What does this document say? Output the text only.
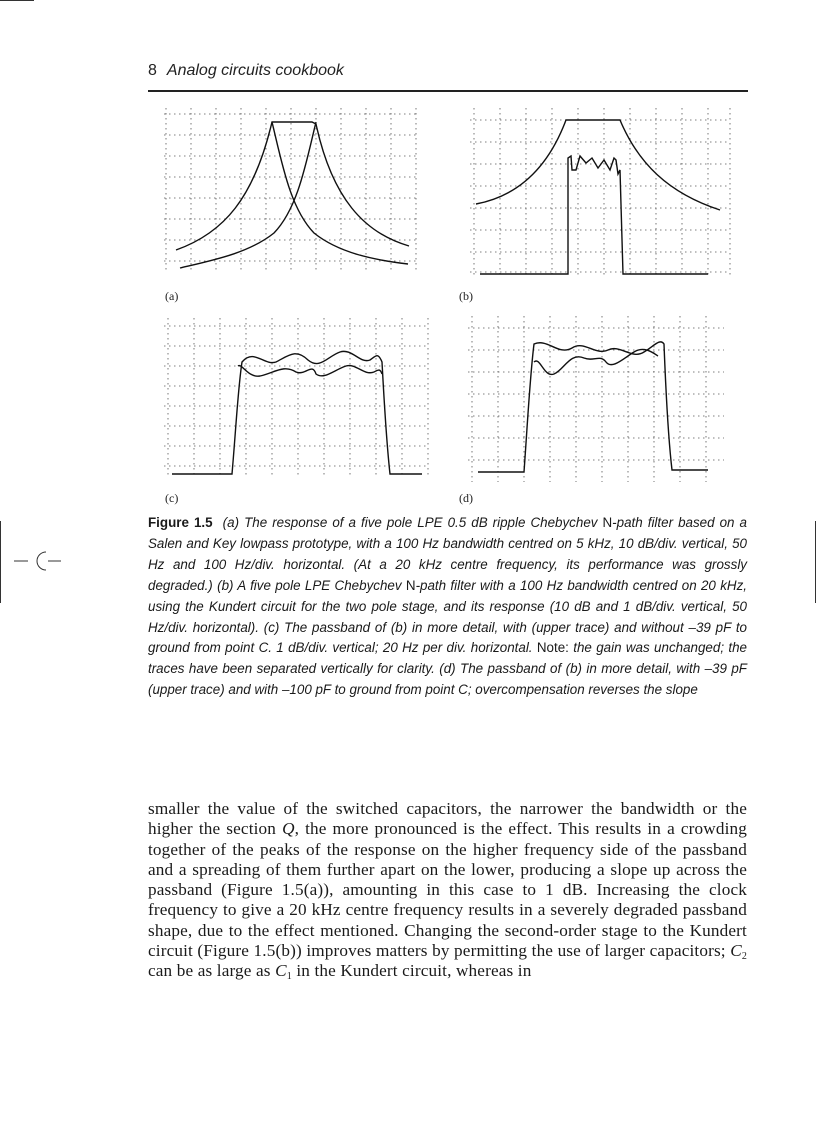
8 Analog circuits cookbook
(a)	(b)
(c)	(d)
Figure 1.5 (a) The response of a five pole LPE 0.5 dB ripple Chebychev N-path filter based on a Salen and Key lowpass prototype, with a 100 Hz bandwidth centred on 5 kHz, 10 dB/div. vertical, 50 Hz and 100 Hz/div. horizontal. (At a 20 kHz centre frequency, its performance was grossly degraded.) (b) A five pole LPE Chebychev N-path filter with a 100 Hz bandwidth centred on 20 kHz, using the Kundert circuit for the two pole stage, and its response (10 dB and 1 dB/div. vertical, 50 Hz/div. horizontal). (c) The passband of (b) in more detail, with (upper trace) and without –39 pF to ground from point C. 1 dB/div. vertical; 20 Hz per div. horizontal. Note: the gain was unchanged; the traces have been separated vertically for clarity. (d) The passband of (b) in more detail, with –39 pF (upper trace) and with –100 pF to ground from point C; overcompensation reverses the slope

smaller the value of the switched capacitors, the narrower the bandwidth or the higher the section Q, the more pronounced is the effect. This results in a crowding together of the peaks of the response on the higher frequency side of the passband and a spreading of them further apart on the lower, producing a slope up across the passband (Figure 1.5(a)), amounting in this case to 1 dB. Increasing the clock frequency to give a 20 kHz centre frequency results in a severely degraded passband shape, due to the effect mentioned. Changing the second-order stage to the Kundert circuit (Figure 1.5(b)) improves matters by permitting the use of larger capacitors; $C_2$ can be as large as $C_1$ in the Kundert circuit, whereas in
